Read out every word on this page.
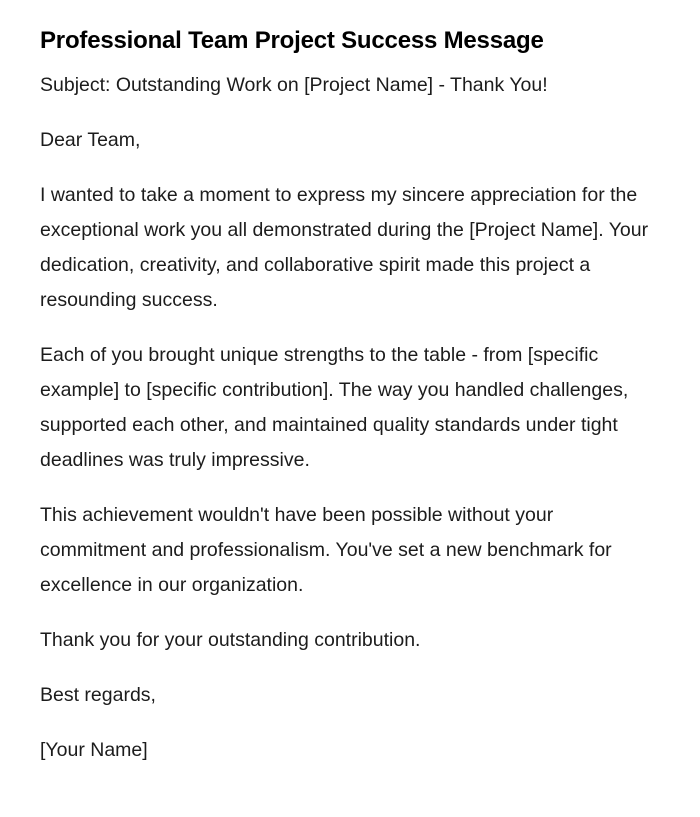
Professional Team Project Success Message

Subject: Outstanding Work on [Project Name] - Thank You!

Dear Team,

I wanted to take a moment to express my sincere appreciation for the exceptional work you all demonstrated during the [Project Name]. Your dedication, creativity, and collaborative spirit made this project a resounding success.

Each of you brought unique strengths to the table - from [specific example] to [specific contribution]. The way you handled challenges, supported each other, and maintained quality standards under tight deadlines was truly impressive.

This achievement wouldn't have been possible without your commitment and professionalism. You've set a new benchmark for excellence in our organization.

Thank you for your outstanding contribution.

Best regards,

[Your Name]
